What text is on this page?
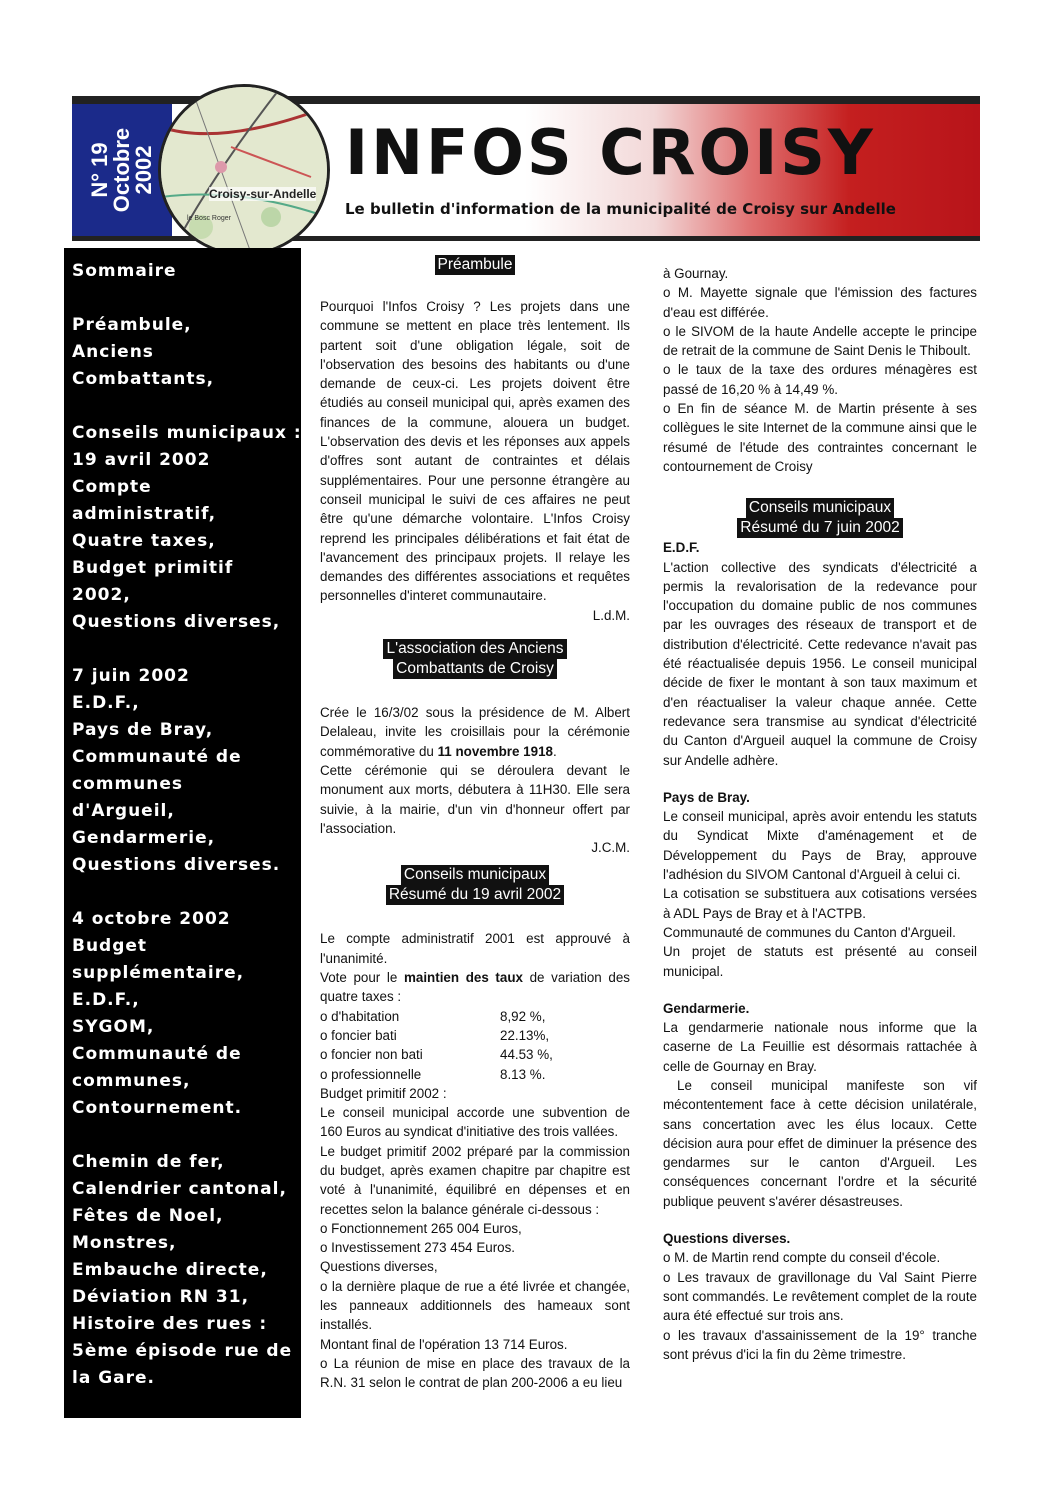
N° 19
Octobre
2002	Croisy-sur-Andelle
le Bosc Roger
INFOS CROISY
Le bulletin d'information de la municipalité de Croisy sur Andelle
Sommaire
Préambule,
Anciens
Combattants,
Conseils municipaux :
19 avril 2002
Compte
administratif,
Quatre taxes,
Budget primitif
2002,
Questions diverses,
7 juin 2002
E.D.F.,
Pays de Bray,
Communauté de
communes
d'Argueil,
Gendarmerie,
Questions diverses.
4 octobre 2002
Budget
supplémentaire,
E.D.F.,
SYGOM,
Communauté de
communes,
Contournement.
Chemin de fer,
Calendrier cantonal,
Fêtes de Noel,
Monstres,
Embauche directe,
Déviation RN 31,
Histoire des rues :
5ème épisode rue de
la Gare.
Préambule

Pourquoi l'Infos Croisy ? Les projets dans une commune se mettent en place très lentement. Ils partent soit d'une obligation légale, soit de l'observation des besoins des habitants ou d'une demande de ceux-ci. Les projets doivent être étudiés au conseil municipal qui, après examen des finances de la commune, alouera un budget. L'observation des devis et les réponses aux appels d'offres sont autant de contraintes et délais supplémentaires. Pour une personne étrangère au conseil municipal le suivi de ces affaires ne peut être qu'une démarche volontaire. L'Infos Croisy reprend les principales délibérations et fait état de l'avancement des principaux projets. Il relaye les demandes des différentes associations et requêtes personnelles d'interet communautaire.

L.d.M.

L'association des Anciens
Combattants de Croisy

Crée le 16/3/02 sous la présidence de M. Albert Delaleau, invite les croisillais pour la cérémonie commémorative du 11 novembre 1918.

Cette cérémonie qui se déroulera devant le monument aux morts, débutera à 11H30. Elle sera suivie, à la mairie, d'un vin d'honneur offert par l'association.

J.C.M.

Conseils municipaux
Résumé du 19 avril 2002

Le compte administratif 2001 est approuvé à l'unanimité.

Vote pour le maintien des taux de variation des quatre taxes :

o d'habitation	8,92 %,
o foncier bati	22.13%,
o foncier non bati	44.53 %,
o professionnelle	8.13 %.

Budget primitif 2002 :

Le conseil municipal accorde une subvention de 160 Euros au syndicat d'initiative des trois vallées.

Le budget primitif 2002 préparé par la commission du budget, après examen chapitre par chapitre est voté à l'unanimité, équilibré en dépenses et en recettes selon la balance générale ci-dessous :

o Fonctionnement 265 004 Euros,

o Investissement 273 454 Euros.

Questions diverses,

o la dernière plaque de rue a été livrée et changée, les panneaux additionnels des hameaux sont installés.

Montant final de l'opération 13 714 Euros.

o La réunion de mise en place des travaux de la R.N. 31 selon le contrat de plan 200-2006 a eu lieu

à Gournay.

o M. Mayette signale que l'émission des factures d'eau est différée.

o le SIVOM de la haute Andelle accepte le principe de retrait de la commune de Saint Denis le Thiboult.

o le taux de la taxe des ordures ménagères est passé de 16,20 % à 14,49 %.

o En fin de séance M. de Martin présente à ses collègues le site Internet de la commune ainsi que le résumé de l'étude des contraintes concernant le contournement de Croisy

Conseils municipaux
Résumé du 7 juin 2002

E.D.F.

L'action collective des syndicats d'électricité a permis la revalorisation de la redevance pour l'occupation du domaine public de nos communes par les ouvrages des réseaux de transport et de distribution d'électricité. Cette redevance n'avait pas été réactualisée depuis 1956. Le conseil municipal décide de fixer le montant à son taux maximum et d'en réactualiser la valeur chaque année. Cette redevance sera transmise au syndicat d'électricité du Canton d'Argueil auquel la commune de Croisy sur Andelle adhère.

Pays de Bray.

Le conseil municipal, après avoir entendu les statuts du Syndicat Mixte d'aménagement et de Développement du Pays de Bray, approuve l'adhésion du SIVOM Cantonal d'Argueil à celui ci.

La cotisation se substituera aux cotisations versées à ADL Pays de Bray et à l'ACTPB.

Communauté de communes du Canton d'Argueil.

Un projet de statuts est présenté au conseil municipal.

Gendarmerie.

La gendarmerie nationale nous informe que la caserne de La Feuillie est désormais rattachée à celle de Gournay en Bray.

Le conseil municipal manifeste son vif mécontentement face à cette décision unilatérale, sans concertation avec les élus locaux. Cette décision aura pour effet de diminuer la présence des gendarmes sur le canton d'Argueil. Les conséquences concernant l'ordre et la sécurité publique peuvent s'avérer désastreuses.

Questions diverses.

o M. de Martin rend compte du conseil d'école.

o Les travaux de gravillonage du Val Saint Pierre sont commandés. Le revêtement complet de la route aura été effectué sur trois ans.

o les travaux d'assainissement de la 19° tranche sont prévus d'ici la fin du 2ème trimestre.
